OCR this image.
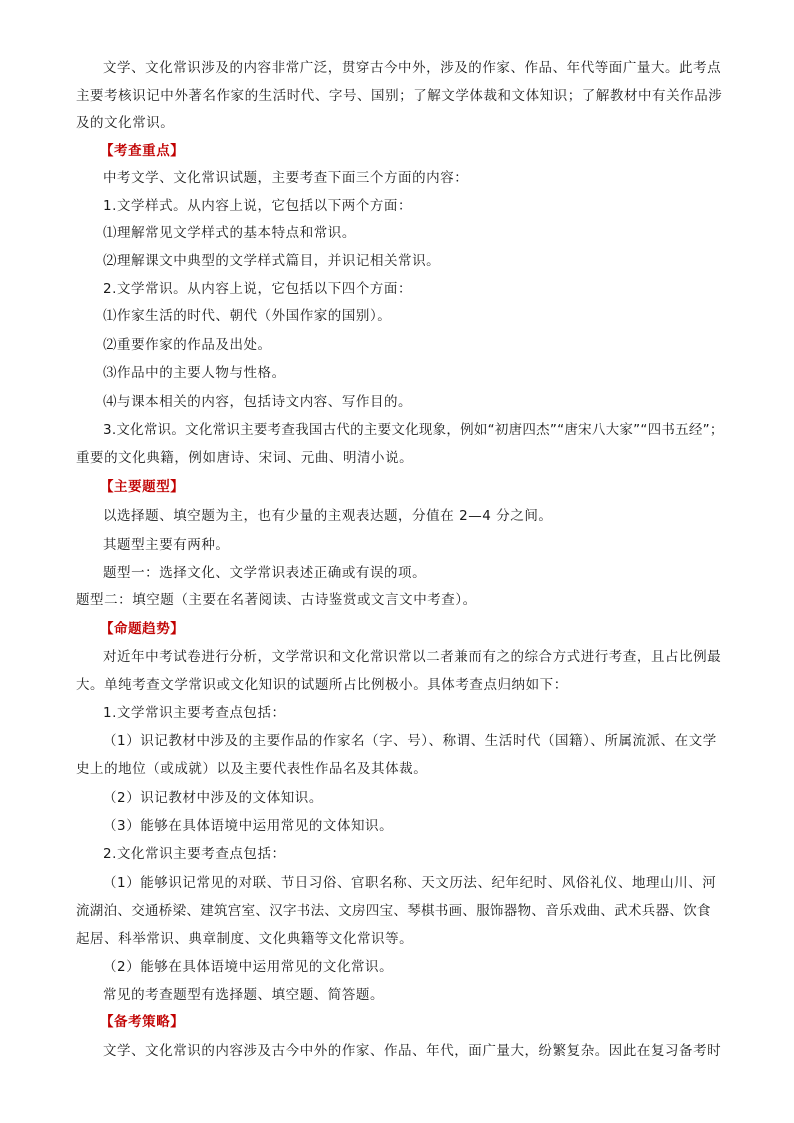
文学、文化常识涉及的内容非常广泛，贯穿古今中外，涉及的作家、作品、年代等面广量大。此考点
主要考核识记中外著名作家的生活时代、字号、国别；了解文学体裁和文体知识；了解教材中有关作品涉
及的文化常识。
【考查重点】
中考文学、文化常识试题，主要考查下面三个方面的内容：
1.文学样式。从内容上说，它包括以下两个方面：
⑴理解常见文学样式的基本特点和常识。
⑵理解课文中典型的文学样式篇目，并识记相关常识。
2.文学常识。从内容上说，它包括以下四个方面：
⑴作家生活的时代、朝代（外国作家的国别）。
⑵重要作家的作品及出处。
⑶作品中的主要人物与性格。
⑷与课本相关的内容，包括诗文内容、写作目的。
3.文化常识。文化常识主要考查我国古代的主要文化现象，例如“初唐四杰”“唐宋八大家”“四书五经”；
重要的文化典籍，例如唐诗、宋词、元曲、明清小说。
【主要题型】
以选择题、填空题为主，也有少量的主观表达题，分值在 2—4 分之间。
其题型主要有两种。
题型一：选择文化、文学常识表述正确或有误的项。
题型二：填空题（主要在名著阅读、古诗鉴赏或文言文中考查）。
【命题趋势】
对近年中考试卷进行分析，文学常识和文化常识常以二者兼而有之的综合方式进行考查，且占比例最
大。单纯考查文学常识或文化知识的试题所占比例极小。具体考查点归纳如下：
1.文学常识主要考查点包括：
（1）识记教材中涉及的主要作品的作家名（字、号）、称谓、生活时代（国籍）、所属流派、在文学
史上的地位（或成就）以及主要代表性作品名及其体裁。
（2）识记教材中涉及的文体知识。
（3）能够在具体语境中运用常见的文体知识。
2.文化常识主要考查点包括：
（1）能够识记常见的对联、节日习俗、官职名称、天文历法、纪年纪时、风俗礼仪、地理山川、河
流湖泊、交通桥梁、建筑宫室、汉字书法、文房四宝、琴棋书画、服饰器物、音乐戏曲、武术兵器、饮食
起居、科举常识、典章制度、文化典籍等文化常识等。
（2）能够在具体语境中运用常见的文化常识。
常见的考查题型有选择题、填空题、简答题。
【备考策略】
文学、文化常识的内容涉及古今中外的作家、作品、年代，面广量大，纷繁复杂。因此在复习备考时
